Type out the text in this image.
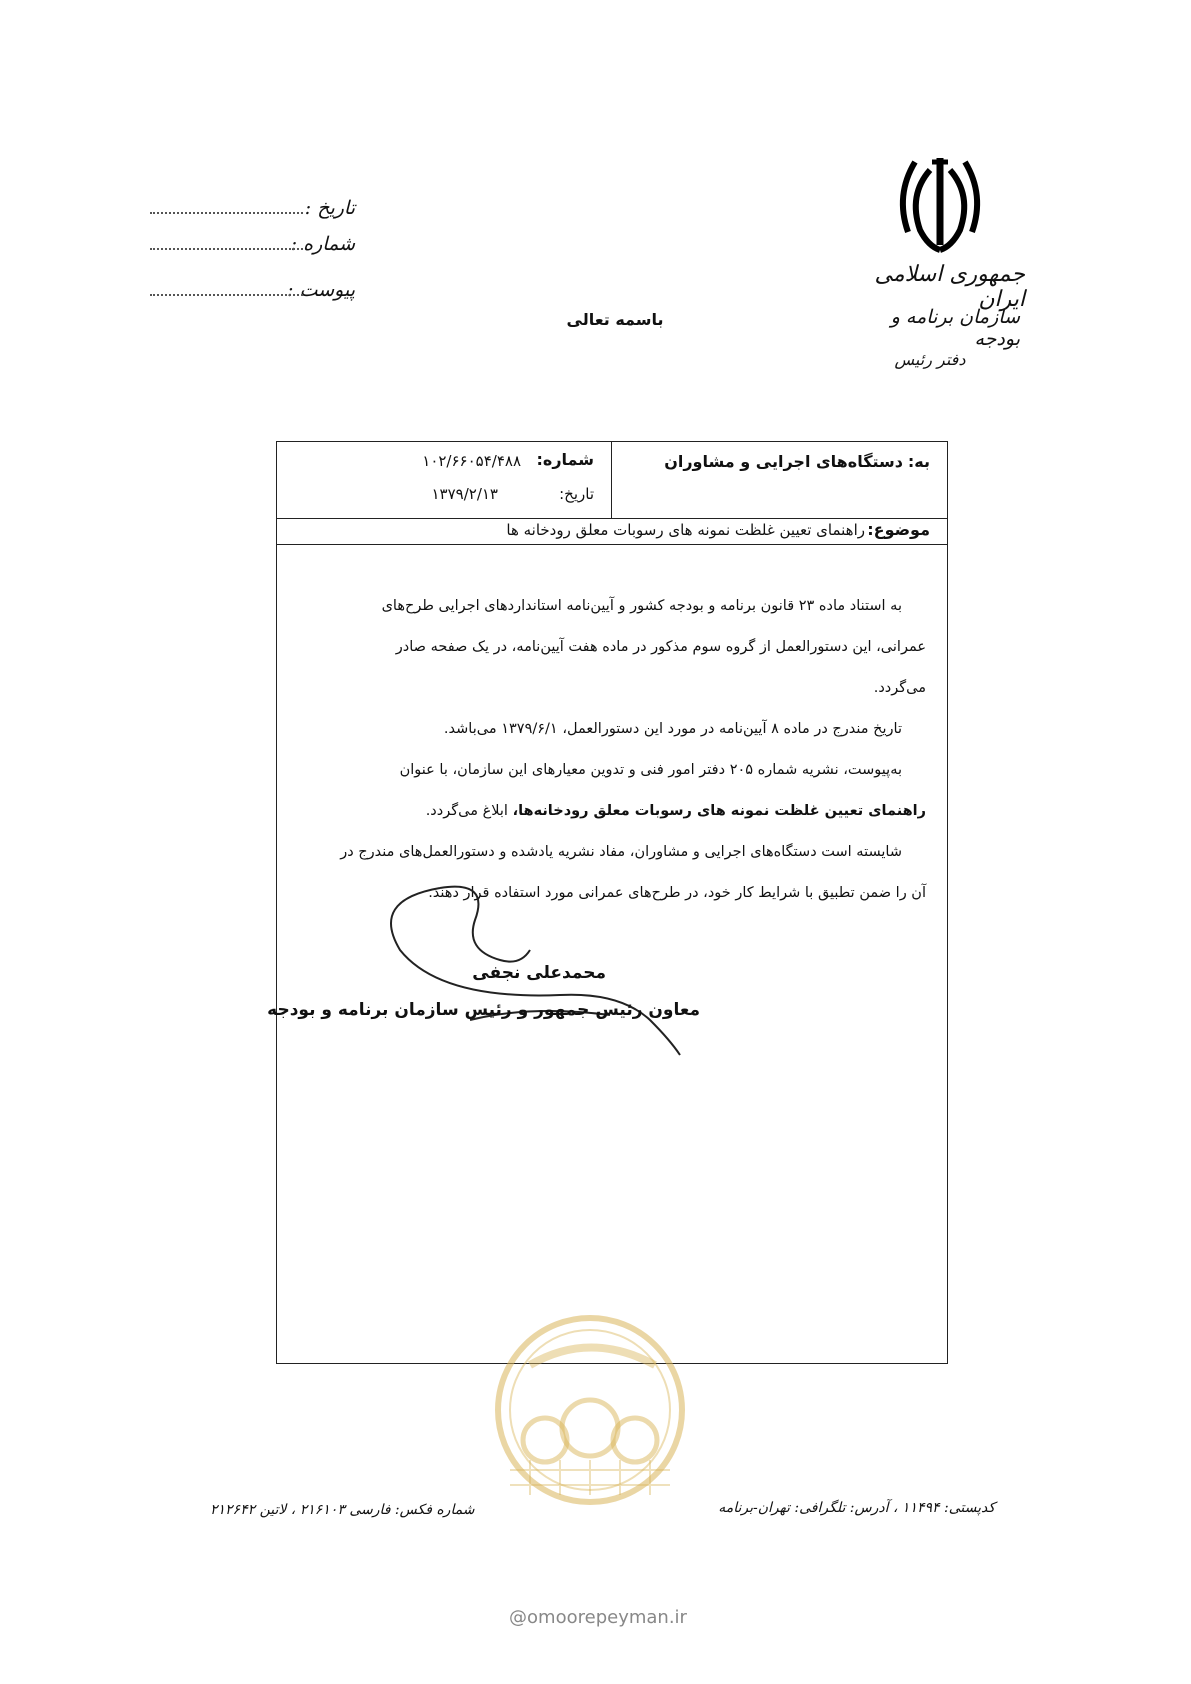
تاریخ :
شماره :
پیوست :
جمهوری اسلامی ایران
سازمان برنامه و بودجه
دفتر رئیس
باسمه تعالی
به:
دستگاه‌های اجرایی و مشاوران
شماره:
۱۰۲/۶۶۰۵۴/۴۸۸
تاریخ:
۱۳۷۹/۲/۱۳
موضوع:
راهنمای تعیین غلظت نمونه های رسوبات معلق رودخانه ها

به استناد ماده ۲۳ قانون برنامه و بودجه کشور و آیین‌نامه استانداردهای اجرایی طرح‌های

عمرانی، این دستورالعمل از گروه سوم مذکور در ماده هفت آیین‌نامه، در یک صفحه صادر

می‌گردد.

تاریخ مندرج در ماده ۸ آیین‌نامه در مورد این دستورالعمل، ۱۳۷۹/۶/۱ می‌باشد.

به‌پیوست، نشریه شماره ۲۰۵ دفتر امور فنی و تدوین معیارهای این سازمان، با عنوان

راهنمای تعیین غلظت نمونه های رسوبات معلق رودخانه‌ها، ابلاغ می‌گردد.

شایسته است دستگاه‌های اجرایی و مشاوران، مفاد نشریه یادشده و دستورالعمل‌های مندرج در

آن را ضمن تطبیق با شرایط کار خود، در طرح‌های عمرانی مورد استفاده قرار دهند.

محمدعلی نجفی
معاون رئیس جمهور و رئیس سازمان برنامه و بودجه
@omoorepeyman.ir
کدپستی: ۱۱۴۹۴ ، آدرس: تلگرافی: تهران-برنامه
شماره فکس: فارسی ۲۱۶۱۰۳ ، لاتین ۲۱۲۶۴۲
